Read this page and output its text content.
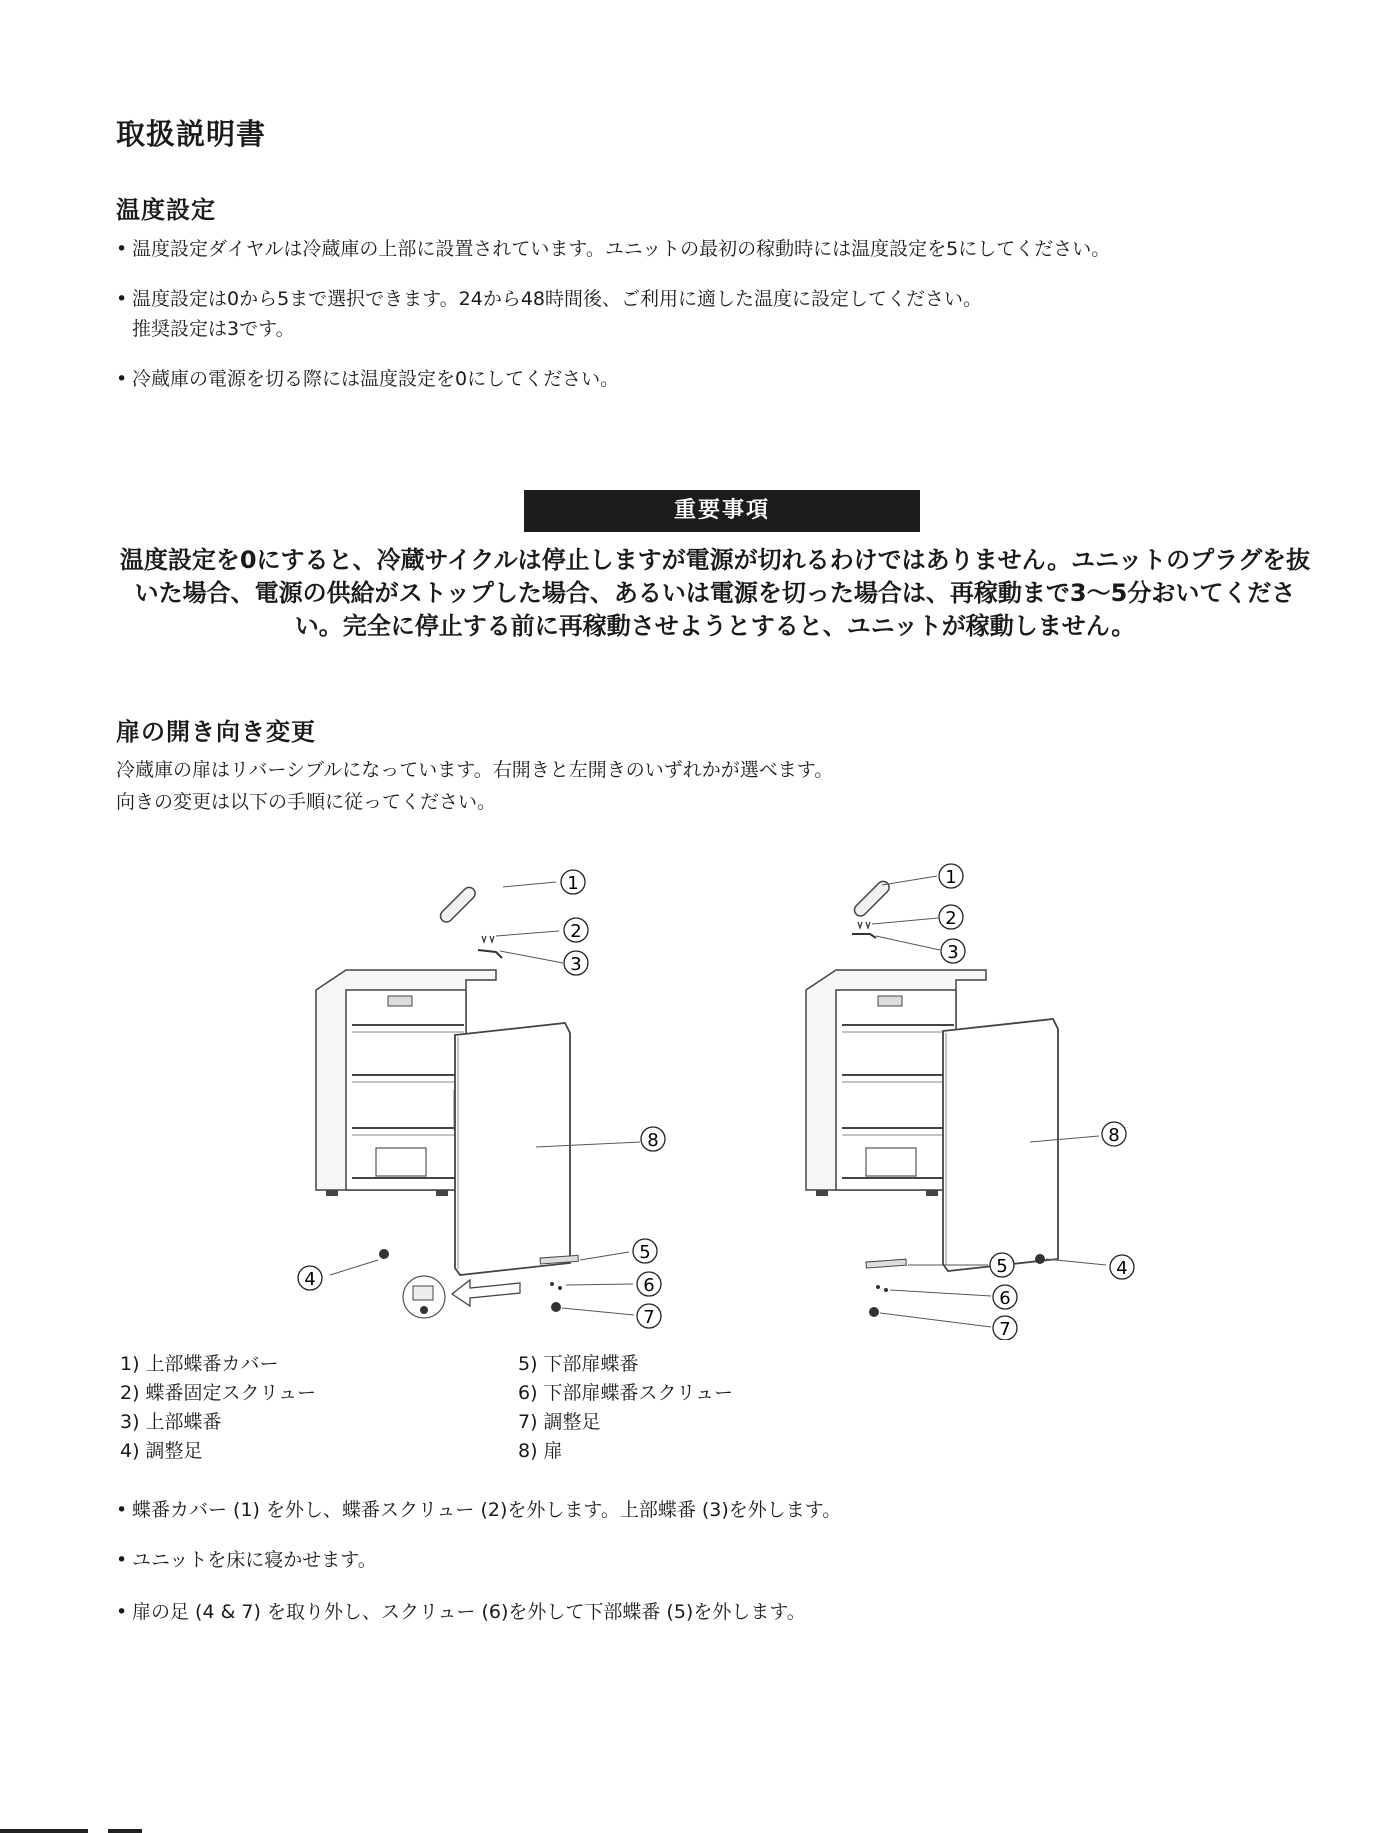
取扱説明書
温度設定

• 温度設定ダイヤルは冷蔵庫の上部に設置されています。ユニットの最初の稼動時には温度設定を5にしてください。

• 温度設定は0から5まで選択できます。24から48時間後、ご利用に適した温度に設定してください。
推奨設定は3です。

• 冷蔵庫の電源を切る際には温度設定を0にしてください。

重要事項

温度設定を0にすると、冷蔵サイクルは停止しますが電源が切れるわけではありません。ユニットのプラグを抜
いた場合、電源の供給がストップした場合、あるいは電源を切った場合は、再稼動まで3〜5分おいてくださ
い。完全に停止する前に再稼動させようとすると、ユニットが稼動しません。

扉の開き向き変更

冷蔵庫の扉はリバーシブルになっています。右開きと左開きのいずれかが選べます。
向きの変更は以下の手順に従ってください。

1
2
3
8
4
5
6
7
1
2
3
8
5	4
6
7
1) 上部蝶番カバー
2) 蝶番固定スクリュー
3) 上部蝶番
4) 調整足
5) 下部扉蝶番
6) 下部扉蝶番スクリュー
7) 調整足
8) 扉

• 蝶番カバー (1) を外し、蝶番スクリュー (2)を外します。上部蝶番 (3)を外します。

• ユニットを床に寝かせます。

• 扉の足 (4 & 7) を取り外し、スクリュー (6)を外して下部蝶番 (5)を外します。
